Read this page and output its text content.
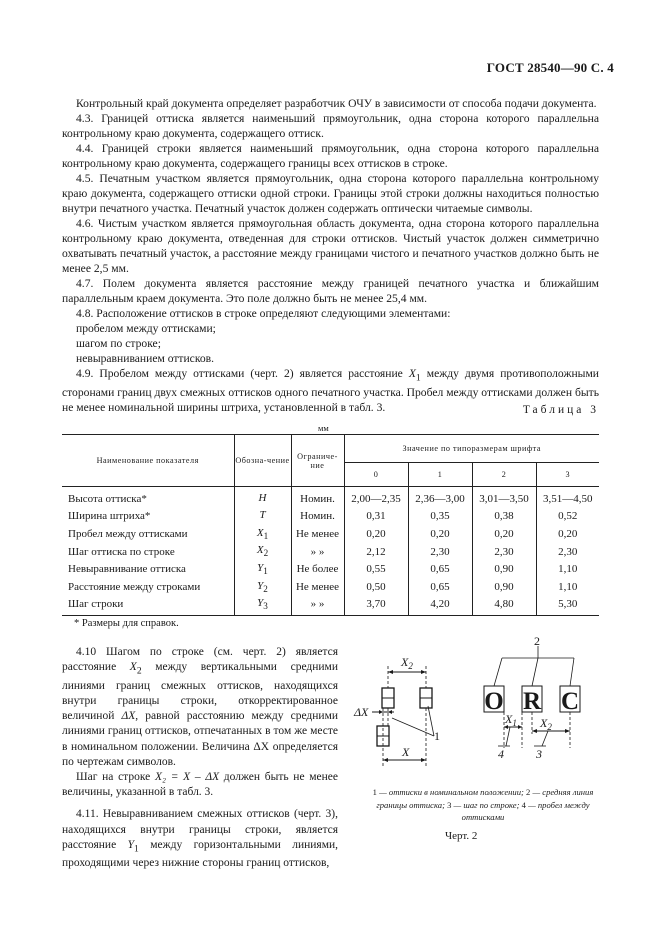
ГОСТ 28540—90 С. 4

Контрольный край документа определяет разработчик ОЧУ в зависимости от способа подачи документа.

4.3. Границей оттиска является наименьший прямоугольник, одна сторона которого параллельна контрольному краю документа, содержащего оттиск.

4.4. Границей строки является наименьший прямоугольник, одна сторона которого параллельна контрольному краю документа, содержащего границы всех оттисков в строке.

4.5. Печатным участком является прямоугольник, одна сторона которого параллельна контрольному краю документа, содержащего оттиски одной строки. Границы этой строки должны находиться полностью внутри печатного участка. Печатный участок должен содержать оптически читаемые символы.

4.6. Чистым участком является прямоугольная область документа, одна сторона которого параллельна контрольному краю документа, отведенная для строки оттисков. Чистый участок должен симметрично охватывать печатный участок, а расстояние между границами чистого и печатного участков должно быть не менее 2,5 мм.

4.7. Полем документа является расстояние между границей печатного участка и ближайшим параллельным краем документа. Это поле должно быть не менее 25,4 мм.

4.8. Расположение оттисков в строке определяют следующими элементами:

пробелом между оттисками;

шагом по строке;

невыравниванием оттисков.

4.9. Пробелом между оттисками (черт. 2) является расстояние $X_1$ между двумя противоположными сторонами границ двух смежных оттисков одного печатного участка. Пробел между оттисками должен быть не менее номинальной ширины штриха, установленной в табл. 3.	Таблица 3
мм
Наименование показателя	Обозна-чение	Ограниче-ние	Значение по типоразмерам шрифта			
			0	1	2	3
Высота оттиска*	H	Номин.	2,00—2,35	2,36—3,00	3,01—3,50	3,51—4,50
Ширина штриха*	T	Номин.	0,31	0,35	0,38	0,52
Пробел между оттисками	$X_1$	Не менее	0,20	0,20	0,20	0,20
Шаг оттиска по строке	$X_2$	» »	2,12	2,30	2,30	2,30
Невыравнивание оттиска	$Y_1$	Не более	0,55	0,65	0,90	1,10
Расстояние между строками	$Y_2$	Не менее	0,50	0,65	0,90	1,10
Шаг строки	$Y_3$	» »	3,70	4,20	4,80	5,30
* Размеры для справок.

4.10 Шагом по строке (см. черт. 2) является расстояние $X_2$ между вертикальными средними линиями границ смежных оттисков, находящихся внутри границы строки, откорректированное величиной ΔX, равной расстоянию между средними линиями границ оттисков, отпечатанных в том же месте в номинальном положении. Величина ΔX определяется по чертежам символов.

Шаг на строке X₂ = X – ΔX должен быть не менее величины, указанной в табл. 3.

4.11. Невыравниванием смежных оттисков (черт. 3), находящихся внутри границы строки, является расстояние $Y_1$ между горизонтальными линиями, проходящими через нижние стороны границ оттисков,

O R C
$X_2$
ΔX
X
1
2
$X_1$ $X_2$
4	3
1 — оттиски в номинальном положении; 2 — средняя линия границы оттиска; 3 — шаг по строке; 4 — пробел между оттисками
Черт. 2
